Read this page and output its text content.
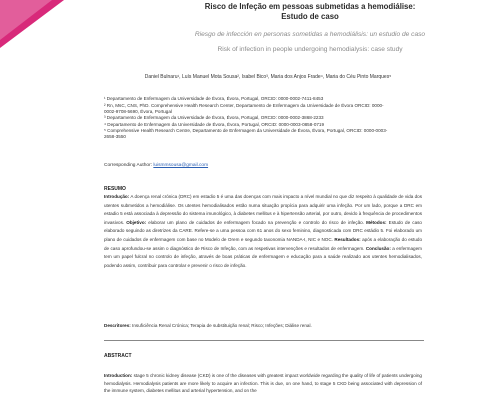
Risco de Infeção em pessoas submetidas a hemodiálise:
Estudo de caso
Riesgo de infección en personas sometidas a hemodiálisis: un estudio de caso
Risk of infection in people undergoing hemodialysis: case study
Daniel Bulnaru¹, Luís Manuel Mota Sousa², Isabel Bico³, Maria dos Anjos Frade⁴, Maria do Céu Pinto Marques⁵
¹ Departamento de Enfermagem da Universidade de Évora, Évora, Portugal, ORCID: 0000-0002-7411-8453
² Rn, MsC, CNS, PhD. Comprehensive Health Research Center, Departamento de Enfermagem da Universidade de Évora ORCID: 0000-0002-9708-5690, Évora, Portugal
³ Departamento de Enfermagem da Universidade de Évora, Évora, Portugal, ORCID: 0000-0002-3868-2233
⁴ Departamento de Enfermagem da Universidade de Évora, Évora, Portugal, ORCID: 0000-0003-0858-0719
⁵ Comprehensive Health Research Centre, Departamento de Enfermagem da Universidade de Évora, Évora, Portugal, ORCID: 0000-0003-2658-3550
Corresponding Author: luismmsousa@gmail.com
RESUMO
Introdução: A doença renal crónica (DRC) em estadio 5 é uma das doenças com mais impacto a nível mundial no que diz respeito à qualidade de vida dos utentes submetidos a hemodiálise. Os utentes hemodialisados estão numa situação propícia para adquirir uma infeção. Por um lado, porque a DRC em estadio 5 está associada à depressão do sistema imunológico, à diabetes mellitus e à hipertensão arterial, por outro, devido à frequência de procedimentos invasivos. Objetivo: elaborar um plano de cuidados de enfermagem focado na prevenção e controlo do risco de infeção. Métodos: Estudo de caso elaborado seguindo as diretrizes da CARE. Refere-se a uma pessoa com 61 anos do sexo feminino, diagnosticada com DRC estádio 5. Foi elaborado um plano de cuidados de enfermagem com base no Modelo de Orem e segundo taxonomia NANDA-I, NIC e NOC. Resultados: após a elaboração do estudo de caso aprofundou-se assim o diagnóstico de Risco de Infeção, com as respetivas intervenções e resultados de enfermagem. Conclusão: a enfermagem tem um papel fulcral no controlo de infeção, através de boas práticas de enfermagem e educação para a saúde realizado aos utentes hemodialisados, podendo assim, contribuir para controlar e prevenir o risco de infeção.
Descritores: Insuficiência Renal Crónica; Terapia de substituição renal; Risco; Infeções; Diálise renal.
ABSTRACT
Introduction: stage 5 chronic kidney disease (CKD) is one of the diseases with greatest impact worldwide regarding the quality of life of patients undergoing hemodialysis. Hemodialysis patients are more likely to acquire an infection. This is due, on one hand, to stage 5 CKD being associated with depression of the immune system, diabetes mellitus and arterial hypertension, and on the
